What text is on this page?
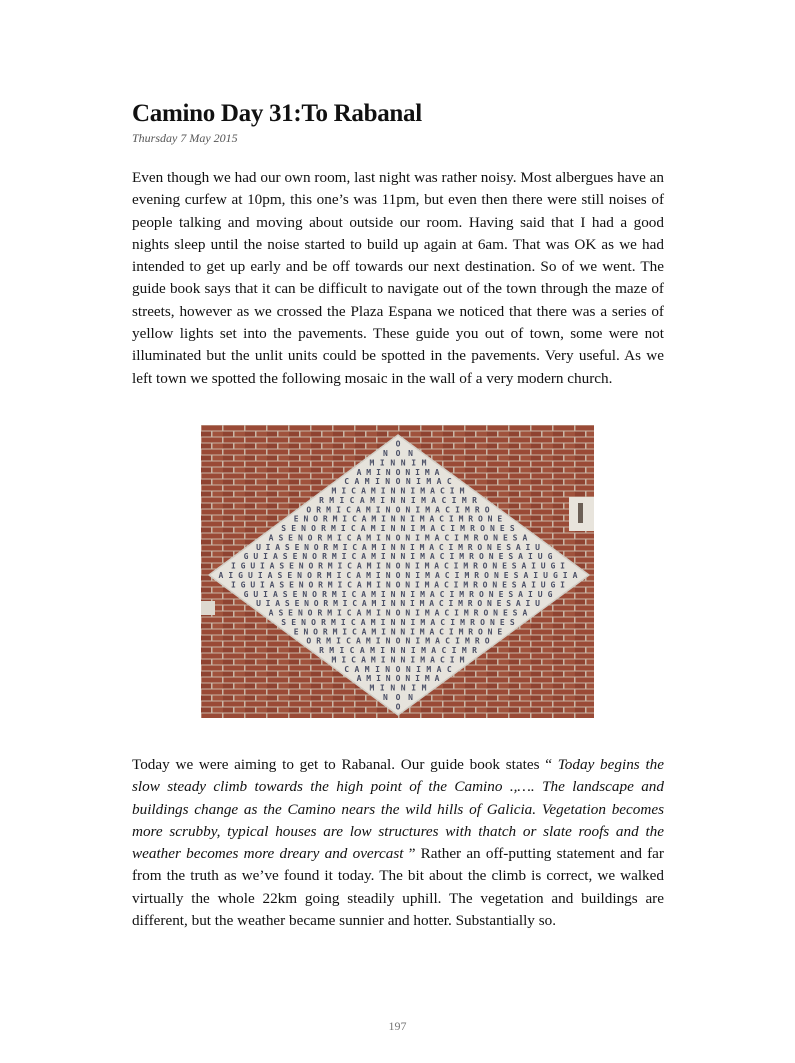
Camino Day 31:To Rabanal

Thursday 7 May 2015

Even though we had our own room, last night was rather noisy. Most albergues have an evening curfew at 10pm, this one’s was 11pm, but even then there were still noises of people talking and moving about outside our room. Having said that I had a good nights sleep until the noise started to build up again at 6am. That was OK as we had intended to get up early and be off towards our next destination. So of we went. The guide book says that it can be difficult to navigate out of the town through the maze of streets, however as we crossed the Plaza Espana we noticed that there was a series of yellow lights set into the pavements. These guide you out of town, some were not illuminated but the unlit units could be spotted in the pavements. Very useful. As we left town we spotted the following mosaic in the wall of a very modern church.

O
N O N
M I N N I M
A M I N O N I M A
C A M I N O N I M A C
M I C A M I N N I M A C I M
R M I C A M I N N I M A C I M R
O R M I C A M I N O N I M A C I M R O
E N O R M I C A M I N N I M A C I M R O N E
S E N O R M I C A M I N N I M A C I M R O N E S
A S E N O R M I C A M I N O N I M A C I M R O N E S A
U I A S E N O R M I C A M I N N I M A C I M R O N E S A I U
G U I A S E N O R M I C A M I N N I M A C I M R O N E S A I U G
I G U I A S E N O R M I C A M I N O N I M A C I M R O N E S A I U G I
A I G U I A S E N O R M I C A M I N O N I M A C I M R O N E S A I U G I A
I G U I A S E N O R M I C A M I N O N I M A C I M R O N E S A I U G I
G U I A S E N O R M I C A M I N N I M A C I M R O N E S A I U G
U I A S E N O R M I C A M I N N I M A C I M R O N E S A I U
A S E N O R M I C A M I N O N I M A C I M R O N E S A
S E N O R M I C A M I N N I M A C I M R O N E S
E N O R M I C A M I N N I M A C I M R O N E
O R M I C A M I N O N I M A C I M R O
R M I C A M I N N I M A C I M R
M I C A M I N N I M A C I M
C A M I N O N I M A C
A M I N O N I M A
M I N N I M
N O N
O

Today we were aiming to get to Rabanal. Our guide book states “ Today begins the slow steady climb towards the high point of the Camino .,…. The landscape and buildings change as the Camino nears the wild hills of Galicia. Vegetation becomes more scrubby, typical houses are low structures with thatch or slate roofs and the weather becomes more dreary and overcast ” Rather an off-putting statement and far from the truth as we’ve found it today. The bit about the climb is correct, we walked virtually the whole 22km going steadily uphill. The vegetation and buildings are different, but the weather became sunnier and hotter. Substantially so.

197
